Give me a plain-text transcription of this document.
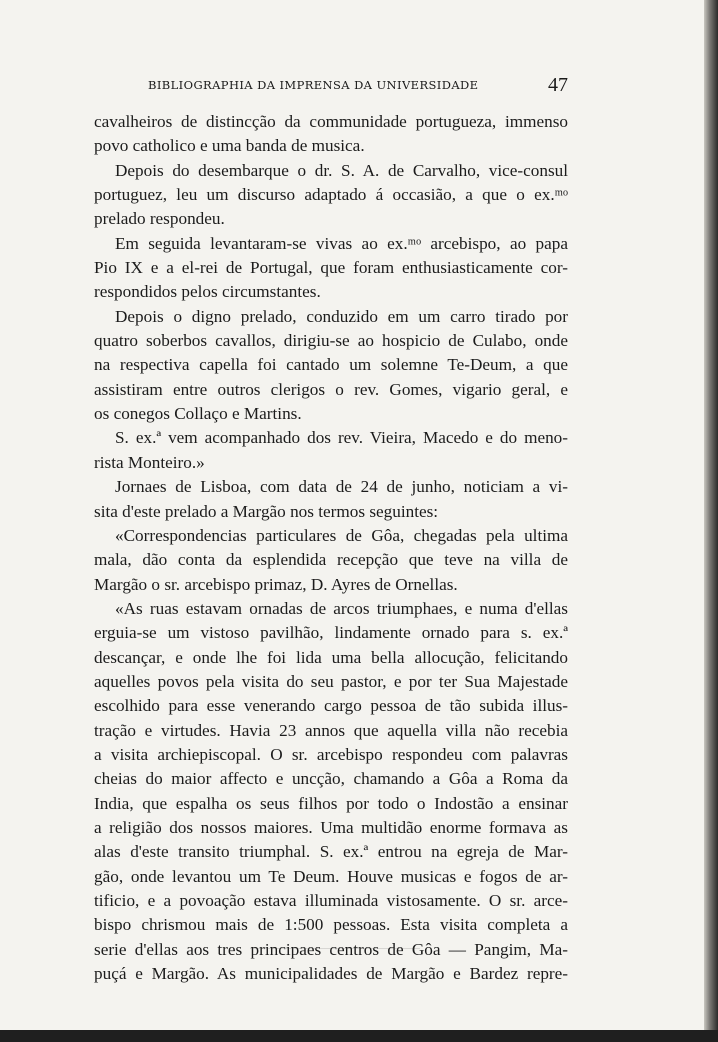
BIBLIOGRAPHIA DA IMPRENSA DA UNIVERSIDADE	47
cavalheiros de distincção da communidade portugueza, immenso
povo catholico e uma banda de musica.
Depois do desembarque o dr. S. A. de Carvalho, vice-consul
portuguez, leu um discurso adaptado á occasião, a que o ex.ᵐᵒ
prelado respondeu.
Em seguida levantaram-se vivas ao ex.ᵐᵒ arcebispo, ao papa
Pio IX e a el-rei de Portugal, que foram enthusiasticamente cor-
respondidos pelos circumstantes.
Depois o digno prelado, conduzido em um carro tirado por
quatro soberbos cavallos, dirigiu-se ao hospicio de Culabo, onde
na respectiva capella foi cantado um solemne Te-Deum, a que
assistiram entre outros clerigos o rev. Gomes, vigario geral, e
os conegos Collaço e Martins.
S. ex.ª vem acompanhado dos rev. Vieira, Macedo e do meno-
rista Monteiro.»
Jornaes de Lisboa, com data de 24 de junho, noticiam a vi-
sita d'este prelado a Margão nos termos seguintes:
«Correspondencias particulares de Gôa, chegadas pela ultima
mala, dão conta da esplendida recepção que teve na villa de
Margão o sr. arcebispo primaz, D. Ayres de Ornellas.
«As ruas estavam ornadas de arcos triumphaes, e numa d'ellas
erguia-se um vistoso pavilhão, lindamente ornado para s. ex.ª
descançar, e onde lhe foi lida uma bella allocução, felicitando
aquelles povos pela visita do seu pastor, e por ter Sua Majestade
escolhido para esse venerando cargo pessoa de tão subida illus-
tração e virtudes. Havia 23 annos que aquella villa não recebia
a visita archiepiscopal. O sr. arcebispo respondeu com palavras
cheias do maior affecto e uncção, chamando a Gôa a Roma da
India, que espalha os seus filhos por todo o Indostão a ensinar
a religião dos nossos maiores. Uma multidão enorme formava as
alas d'este transito triumphal. S. ex.ª entrou na egreja de Mar-
gão, onde levantou um Te Deum. Houve musicas e fogos de ar-
tificio, e a povoação estava illuminada vistosamente. O sr. arce-
bispo chrismou mais de 1:500 pessoas. Esta visita completa a
serie d'ellas aos tres principaes centros de Gôa — Pangim, Ma-
puçá e Margão. As municipalidades de Margão e Bardez repre-
